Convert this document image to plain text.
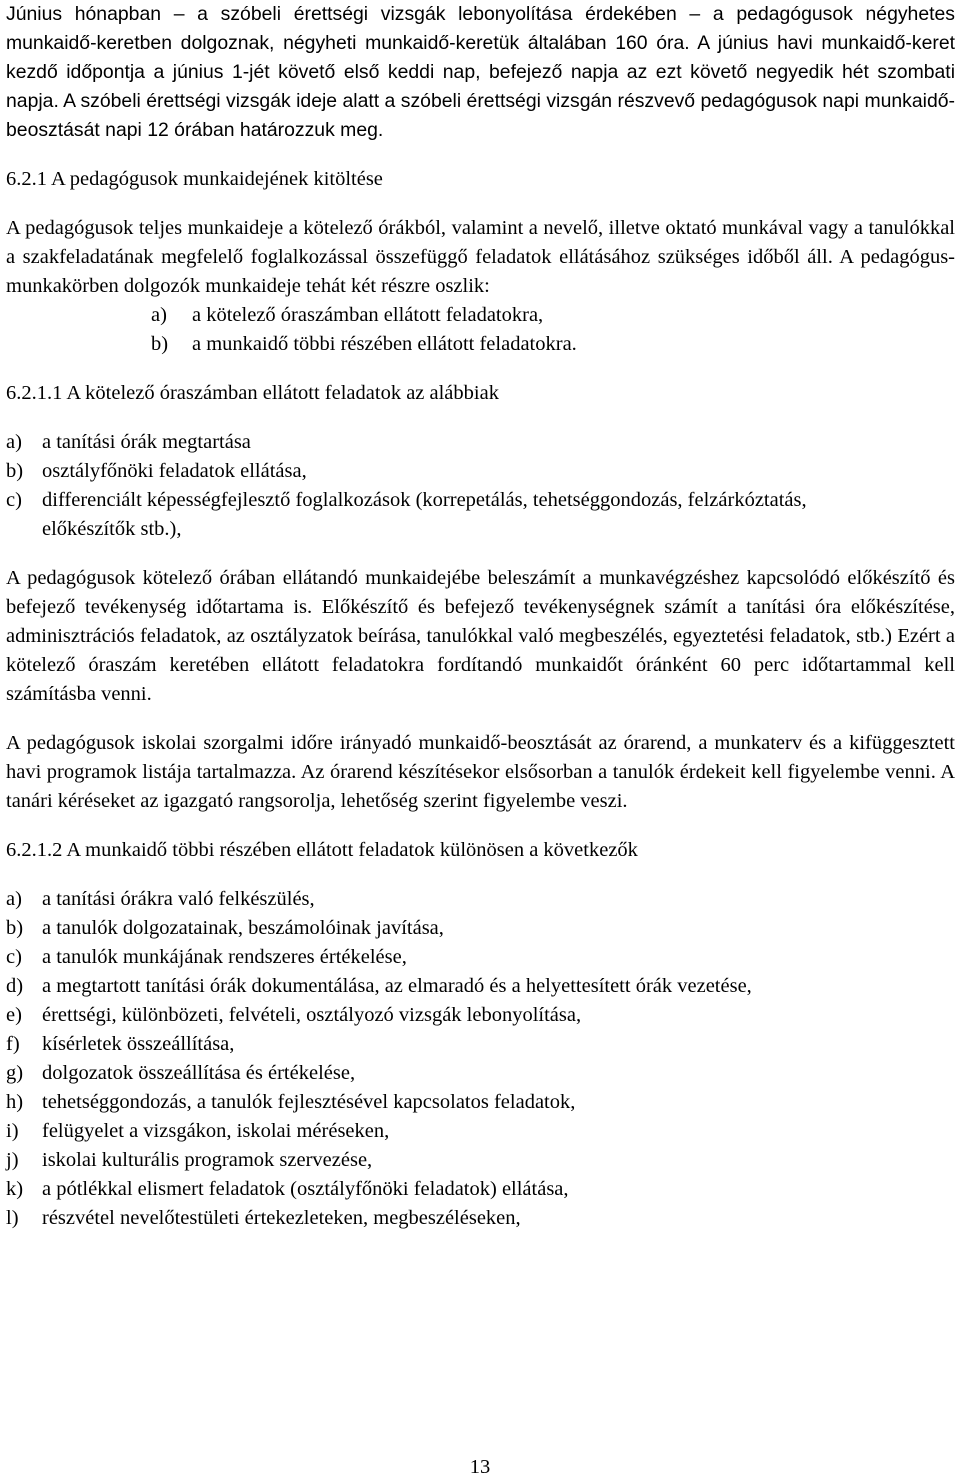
Június hónapban – a szóbeli érettségi vizsgák lebonyolítása érdekében – a pedagógusok négyhetes munkaidő-keretben dolgoznak, négyheti munkaidő-keretük általában 160 óra. A június havi munkaidő-keret kezdő időpontja a június 1-jét követő első keddi nap, befejező napja az ezt követő negyedik hét szombati napja. A szóbeli érettségi vizsgák ideje alatt a szóbeli érettségi vizsgán részvevő pedagógusok napi munkaidő-beosztását napi 12 órában határozzuk meg.

6.2.1 A pedagógusok munkaidejének kitöltése

A pedagógusok teljes munkaideje a kötelező órákból, valamint a nevelő, illetve oktató munkával vagy a tanulókkal a szakfeladatának megfelelő foglalkozással összefüggő feladatok ellátásához szükséges időből áll. A pedagógus-munkakörben dolgozók munkaideje tehát két részre oszlik:

a) a kötelező óraszámban ellátott feladatokra,
b) a munkaidő többi részében ellátott feladatokra.

6.2.1.1 A kötelező óraszámban ellátott feladatok az alábbiak

a) a tanítási órák megtartása
b) osztályfőnöki feladatok ellátása,
c) differenciált képességfejlesztő foglalkozások (korrepetálás, tehetséggondozás, felzárkóztatás, előkészítők stb.),

A pedagógusok kötelező órában ellátandó munkaidejébe beleszámít a munkavégzéshez kapcsolódó előkészítő és befejező tevékenység időtartama is. Előkészítő és befejező tevékenységnek számít a tanítási óra előkészítése, adminisztrációs feladatok, az osztályzatok beírása, tanulókkal való megbeszélés, egyeztetési feladatok, stb.) Ezért a kötelező óraszám keretében ellátott feladatokra fordítandó munkaidőt óránként 60 perc időtartammal kell számításba venni.

A pedagógusok iskolai szorgalmi időre irányadó munkaidő-beosztását az órarend, a munkaterv és a kifüggesztett havi programok listája tartalmazza. Az órarend készítésekor elsősorban a tanulók érdekeit kell figyelembe venni. A tanári kéréseket az igazgató rangsorolja, lehetőség szerint figyelembe veszi.

6.2.1.2 A munkaidő többi részében ellátott feladatok különösen a következők

a) a tanítási órákra való felkészülés,
b) a tanulók dolgozatainak, beszámolóinak javítása,
c) a tanulók munkájának rendszeres értékelése,
d) a megtartott tanítási órák dokumentálása, az elmaradó és a helyettesített órák vezetése,
e) érettségi, különbözeti, felvételi, osztályozó vizsgák lebonyolítása,
f) kísérletek összeállítása,
g) dolgozatok összeállítása és értékelése,
h) tehetséggondozás, a tanulók fejlesztésével kapcsolatos feladatok,
i) felügyelet a vizsgákon, iskolai méréseken,
j) iskolai kulturális programok szervezése,
k) a pótlékkal elismert feladatok (osztályfőnöki feladatok) ellátása,
l) részvétel nevelőtestületi értekezleteken, megbeszéléseken,
13
